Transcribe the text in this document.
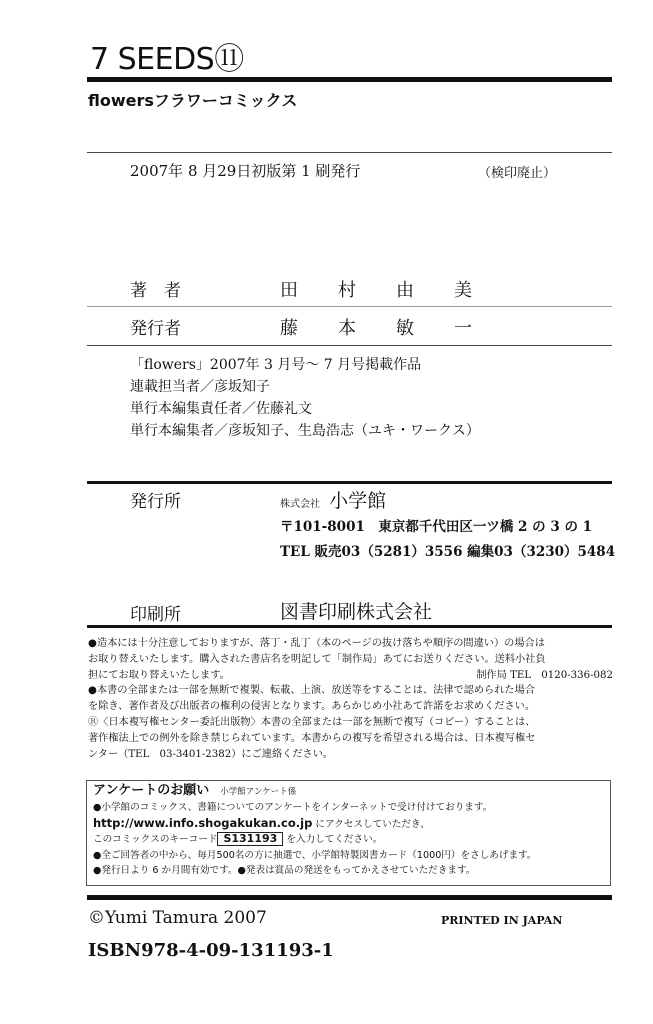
7 SEEDS⑪
flowersフラワーコミックス
2007年 8 月29日初版第 1 刷発行	（検印廃止）
著　者	田 村 由 美
発行者	藤 本 敏 一
「flowers」2007年 3 月号～ 7 月号掲載作品
連載担当者／彦坂知子
単行本編集責任者／佐藤礼文
単行本編集者／彦坂知子、生島浩志（ユキ・ワークス）
発行所	株式会社 小学館
〒101-8001　東京都千代田区一ツ橋 2 の 3 の 1
TEL 販売03（5281）3556 編集03（3230）5484
印刷所	図書印刷株式会社
●造本には十分注意しておりますが、落丁・乱丁（本のページの抜け落ちや順序の間違い）の場合は
お取り替えいたします。購入された書店名を明記して「制作局」あてにお送りください。送料小社負
担にてお取り替えいたします。	制作局 TEL　0120-336-082
●本書の全部または一部を無断で複製、転載、上演、放送等をすることは、法律で認められた場合
を除き、著作者及び出版者の権利の侵害となります。あらかじめ小社あて許諾をお求めください。
Ⓡ〈日本複写権センター委託出版物〉本書の全部または一部を無断で複写（コピー）することは、
著作権法上での例外を除き禁じられています。本書からの複写を希望される場合は、日本複写権セ
ンター（TEL　03-3401-2382）にご連絡ください。
アンケートのお願い 小学館アンケート係
●小学館のコミックス、書籍についてのアンケートをインターネットで受け付けております。
http://www.info.shogakukan.co.jp にアクセスしていただき、
このコミックスのキーコード S131193 を入力してください。
●全ご回答者の中から、毎月500名の方に抽選で、小学館特製図書カード（1000円）をさしあげます。
●発行日より 6 か月間有効です。●発表は賞品の発送をもってかえさせていただきます。
©Yumi Tamura 2007	PRINTED IN JAPAN
ISBN978-4-09-131193-1
